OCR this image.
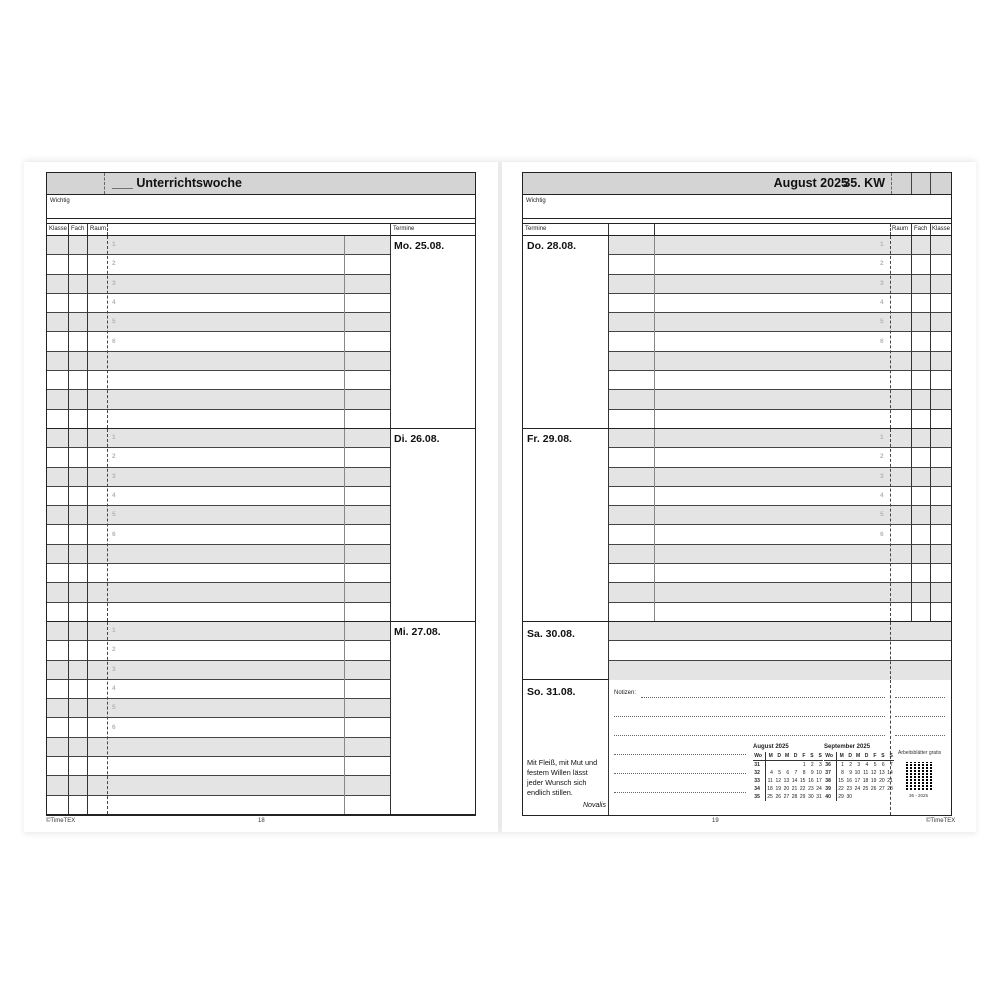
___ Unterrichtswoche
Wichtig
Klasse Fach Raum	Termine
1
2
3
4
5
6
Mo. 25.08.
1
2
3
4
5
6
Di. 26.08.
1
2
3
4
5
6
Mi. 27.08.
©TimeTEX	18
August 2025
35. KW
Wichtig
Termine	Raum Fach Klasse
1
2
3
4
5
6
Do. 28.08.
1
2
3
4
5
6
Fr. 29.08.
Sa. 30.08.
So. 31.08.	Notizen:
Mit Fleiß, mit Mut und festem Willen lässt jeder Wunsch sich endlich stillen.
Novalis
August 2025
Wo	M	D	M	D	F	S	S
31					1	2	3
32	4	5	6	7	8	9	10
33	11	12	13	14	15	16	17
34	18	19	20	21	22	23	24
35	25	26	27	28	29	30	31
September 2025
Wo	M	D	M	D	F	S	S
36	1	2	3	4	5	6	7
37	8	9	10	11	12	13	14
38	15	16	17	18	19	20	21
39	22	23	24	25	26	27	28
40	29	30					
Arbeitsblätter gratis
36 - 2025
19	©TimeTEX
